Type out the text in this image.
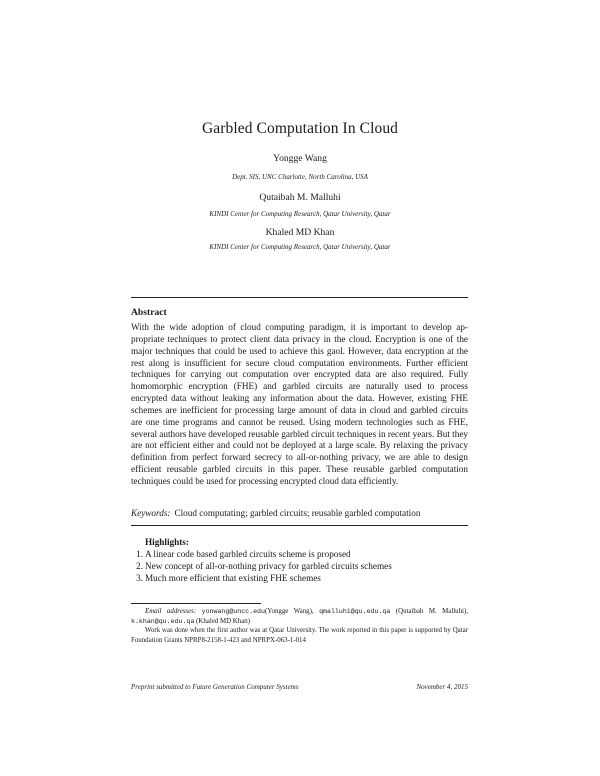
Garbled Computation In Cloud
Yongge Wang
Dept. SIS, UNC Charlotte, North Carolina, USA
Qutaibah M. Malluhi
KINDI Center for Computing Research, Qatar University, Qatar
Khaled MD Khan
KINDI Center for Computing Research, Qatar University, Qatar
Abstract
With the wide adoption of cloud computing paradigm, it is important to develop appropriate techniques to protect client data privacy in the cloud. Encryption is one of the major techniques that could be used to achieve this gaol. However, data encryption at the rest along is insufficient for secure cloud computation environments. Further efficient techniques for carrying out computation over encrypted data are also required. Fully homomorphic encryption (FHE) and garbled circuits are naturally used to process encrypted data without leaking any information about the data. However, existing FHE schemes are inefficient for processing large amount of data in cloud and garbled circuits are one time programs and cannot be reused. Using modern technologies such as FHE, several authors have developed reusable garbled circuit techniques in recent years. But they are not efficient either and could not be deployed at a large scale. By relaxing the privacy definition from perfect forward secrecy to all-or-nothing privacy, we are able to design efficient reusable garbled circuits in this paper. These reusable garbled computation techniques could be used for processing encrypted cloud data efficiently.
Keywords: Cloud computating; garbled circuits; reusable garbled computation
Highlights:
1. A linear code based garbled circuits scheme is proposed
2. New concept of all-or-nothing privacy for garbled circuits schemes
3. Much more efficient that existing FHE schemes
Email addresses: yonwang@uncc.edu(Yongge Wang), qmalluhi@qu.edu.qa (Qutaibah M. Malluhi), k.khan@qu.edu.qa (Khaled MD Khan)
Work was done when the first author was at Qatar University. The work reported in this paper is supported by Qatar Foundation Grants NPRP8-2158-1-423 and NPRPX-063-1-014
Preprint submitted to Future Generation Computer Systems	November 4, 2015
